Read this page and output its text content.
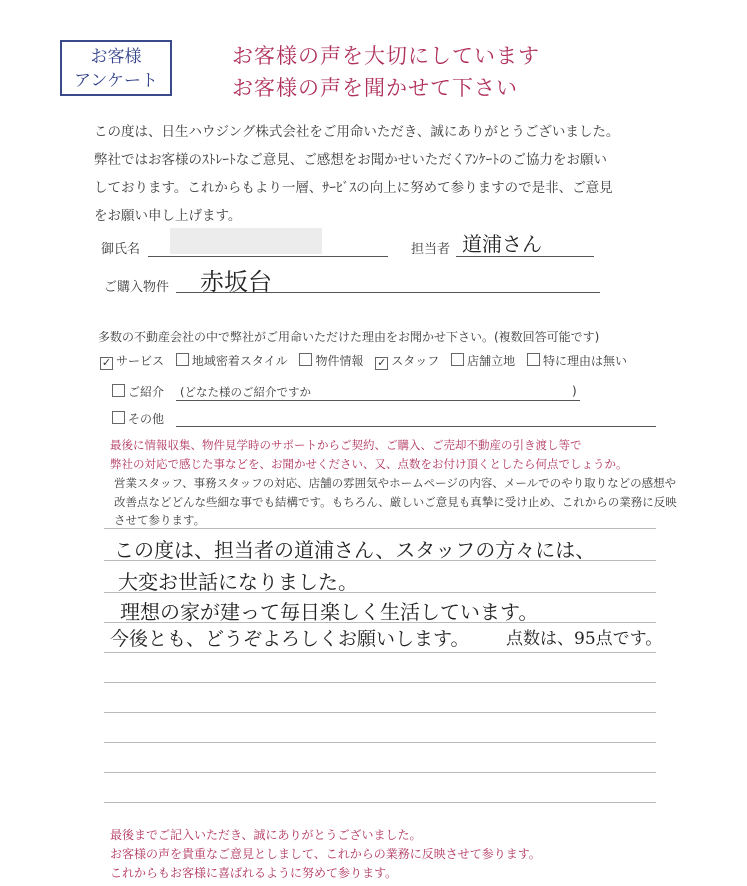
お客様
アンケート
お客様の声を大切にしています
お客様の声を聞かせて下さい
この度は、日生ハウジング株式会社をご用命いただき、誠にありがとうございました。
弊社ではお客様のｽﾄﾚｰﾄなご意見、ご感想をお聞かせいただくｱﾝｹｰﾄのご協力をお願い
しております。これからもより一層、ｻｰﾋﾞｽの向上に努めて参りますので是非、ご意見
をお願い申し上げます。
御氏名	担当者 道浦さん
ご購入物件 赤坂台
多数の不動産会社の中で弊社がご用命いただけた理由をお聞かせ下さい。(複数回答可能です)
✓ サービス 地域密着スタイル 物件情報 ✓ スタッフ 店舗立地 特に理由は無い
ご紹介 (どなた様のご紹介ですか	)
その他
最後に情報収集、物件見学時のサポートからご契約、ご購入、ご売却不動産の引き渡し等で
弊社の対応で感じた事などを、お聞かせください、又、点数をお付け頂くとしたら何点でしょうか。
営業スタッフ、事務スタッフの対応、店舗の雰囲気やホームページの内容、メールでのやり取りなどの感想や
改善点などどんな些細な事でも結構です。もちろん、厳しいご意見も真摯に受け止め、これからの業務に反映
させて参ります。
この度は、担当者の道浦さん、スタッフの方々には、
大変お世話になりました。
理想の家が建って毎日楽しく生活しています。
今後とも、どうぞよろしくお願いします。 点数は、95点です。
最後までご記入いただき、誠にありがとうございました。
お客様の声を貴重なご意見としまして、これからの業務に反映させて参ります。
これからもお客様に喜ばれるように努めて参ります。
